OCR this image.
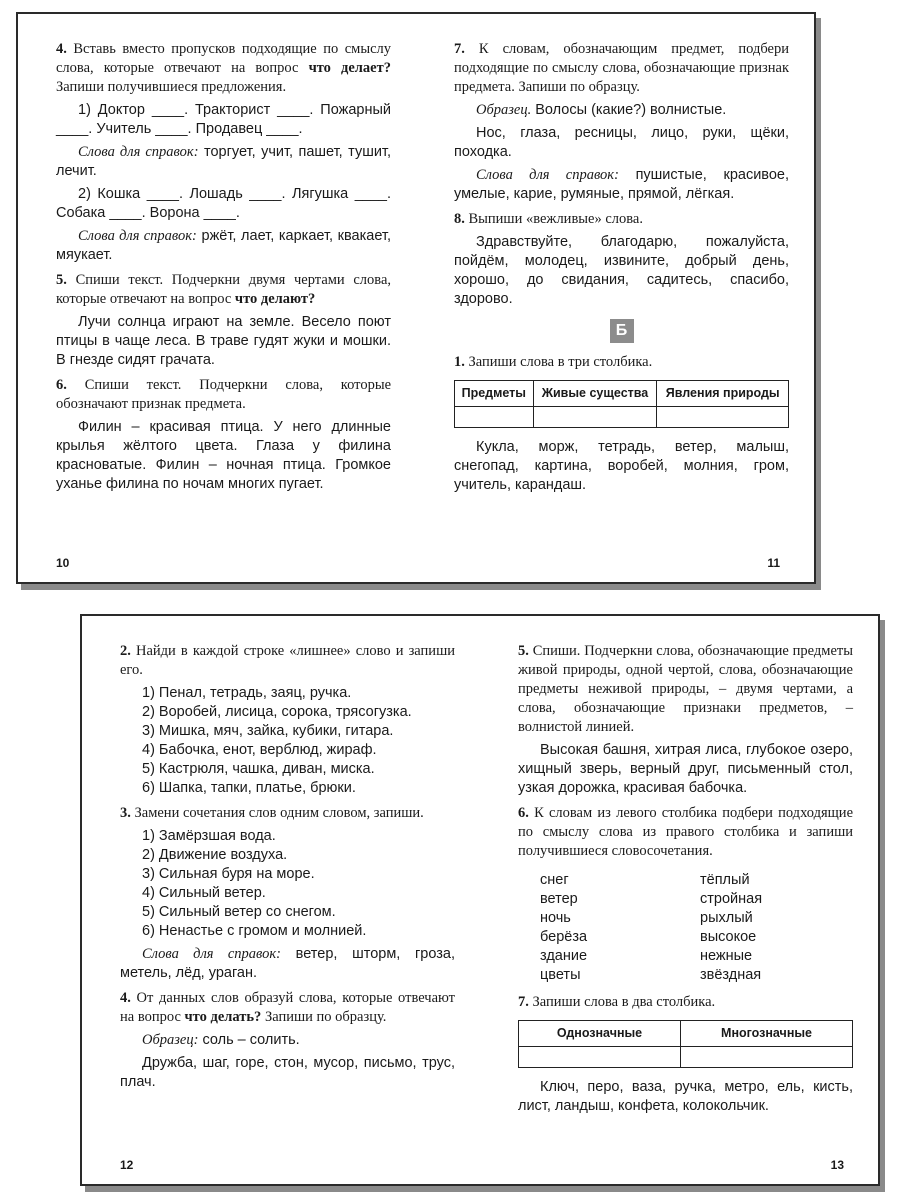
4. Вставь вместо пропусков подходящие по смыслу слова, которые отвечают на вопрос что делает? Запиши получившиеся предложения.

1) Доктор ____. Тракторист ____. Пожарный ____. Учитель ____. Продавец ____.

Слова для справок: торгует, учит, пашет, тушит, лечит.

2) Кошка ____. Лошадь ____. Лягушка ____. Собака ____. Ворона ____.

Слова для справок: ржёт, лает, каркает, квакает, мяукает.

5. Спиши текст. Подчеркни двумя чертами слова, которые отвечают на вопрос что делают?

Лучи солнца играют на земле. Весело поют птицы в чаще леса. В траве гудят жуки и мошки. В гнезде сидят грачата.

6. Спиши текст. Подчеркни слова, которые обозначают признак предмета.

Филин – красивая птица. У него длинные крылья жёлтого цвета. Глаза у филина красноватые. Филин – ночная птица. Громкое уханье филина по ночам многих пугает.

10
7. К словам, обозначающим предмет, подбери подходящие по смыслу слова, обозначающие признак предмета. Запиши по образцу.

Образец. Волосы (какие?) волнистые.

Нос, глаза, ресницы, лицо, руки, щёки, походка.

Слова для справок: пушистые, красивое, умелые, карие, румяные, прямой, лёгкая.

8. Выпиши «вежливые» слова.

Здравствуйте, благодарю, пожалуйста, пойдём, молодец, извините, добрый день, хорошо, до свидания, садитесь, спасибо, здорово.

Б
1. Запиши слова в три столбика.
Предметы	Живые существа	Явления природы

Кукла, морж, тетрадь, ветер, малыш, снегопад, картина, воробей, молния, гром, учитель, карандаш.

11
2. Найди в каждой строке «лишнее» слово и запиши его.
1) Пенал, тетрадь, заяц, ручка.
2) Воробей, лисица, сорока, трясогузка.
3) Мишка, мяч, зайка, кубики, гитара.
4) Бабочка, енот, верблюд, жираф.
5) Кастрюля, чашка, диван, миска.
6) Шапка, тапки, платье, брюки.
3. Замени сочетания слов одним словом, запиши.
1) Замёрзшая вода.
2) Движение воздуха.
3) Сильная буря на море.
4) Сильный ветер.
5) Сильный ветер со снегом.
6) Ненастье с громом и молнией.

Слова для справок: ветер, шторм, гроза, метель, лёд, ураган.

4. От данных слов образуй слова, которые отвечают на вопрос что делать? Запиши по образцу.

Образец: соль – солить.

Дружба, шаг, горе, стон, мусор, письмо, трус, плач.

12
5. Спиши. Подчеркни слова, обозначающие предметы живой природы, одной чертой, слова, обозначающие предметы неживой природы, – двумя чертами, а слова, обозначающие признаки предметов, – волнистой линией.

Высокая башня, хитрая лиса, глубокое озеро, хищный зверь, верный друг, письменный стол, узкая дорожка, красивая бабочка.

6. К словам из левого столбика подбери подходящие по смыслу слова из правого столбика и запиши получившиеся словосочетания.
снег	тёплый
ветер	стройная
ночь	рыхлый
берёза	высокое
здание	нежные
цветы	звёздная
7. Запиши слова в два столбика.
Однозначные	Многозначные

Ключ, перо, ваза, ручка, метро, ель, кисть, лист, ландыш, конфета, колокольчик.

13
